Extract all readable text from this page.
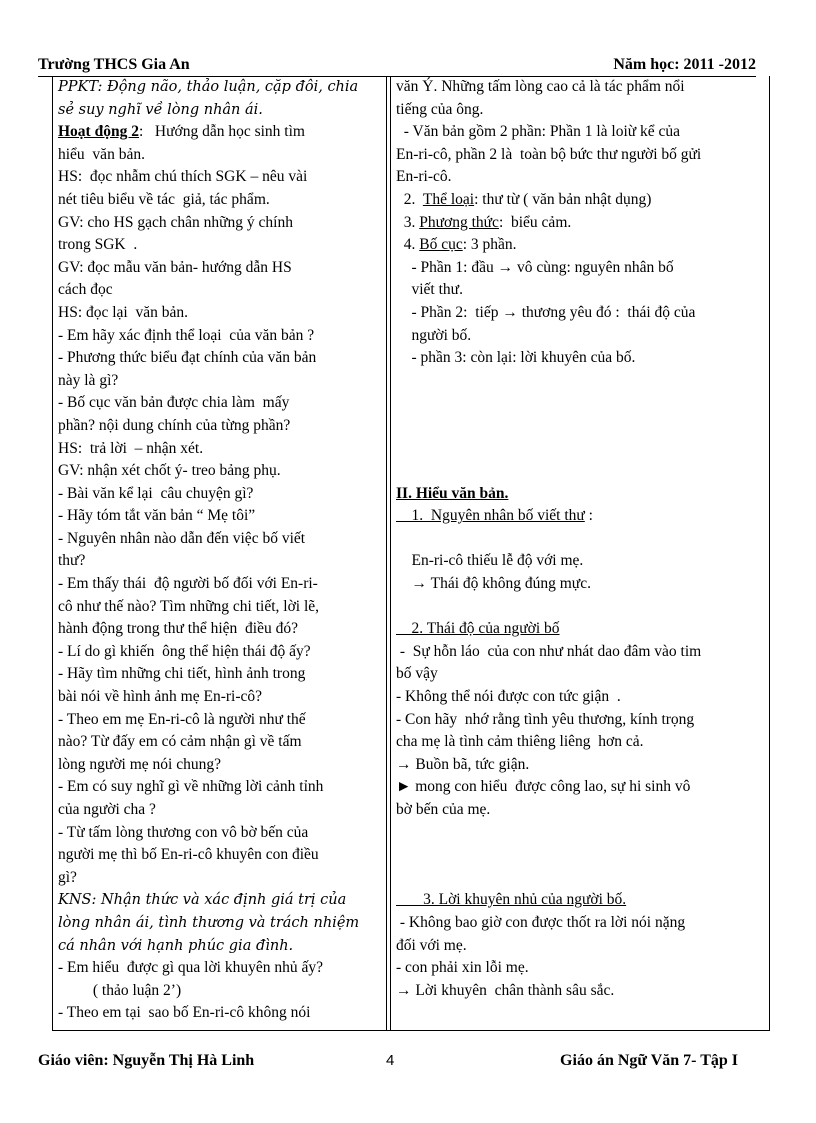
Trường THCS Gia An	Năm học: 2011 -2012
PPKT: Động não, thảo luận, cặp đôi, chia
sẻ suy nghĩ về lòng nhân ái.
Hoạt động 2:   Hướng dẫn học sinh tìm
hiểu  văn bản.
HS:  đọc nhẫm chú thích SGK – nêu vài
nét tiêu biểu về tác  giả, tác phẩm.
GV: cho HS gạch chân những ý chính
trong SGK  .
GV: đọc mẫu văn bản- hướng dẫn HS
cách đọc
HS: đọc lại  văn bản.
- Em hãy xác định thể loại  của văn bản ?
- Phương thức biểu đạt chính của văn bản
này là gì?
- Bố cục văn bản được chia làm  mấy
phần? nội dung chính của từng phần?
HS:  trả lời  – nhận xét.
GV: nhận xét chốt ý- treo bảng phụ.
- Bài văn kể lại  câu chuyện gì?
- Hãy tóm tắt văn bản “ Mẹ tôi”
- Nguyên nhân nào dẫn đến việc bố viết
thư?
- Em thấy thái  độ người bố đối với En-ri-
cô như thế nào? Tìm những chi tiết, lời lẽ,
hành động trong thư thể hiện  điều đó?
- Lí do gì khiến  ông thể hiện thái độ ấy?
- Hãy tìm những chi tiết, hình ảnh trong
bài nói về hình ảnh mẹ En-ri-cô?
- Theo em mẹ En-ri-cô là người như thế
nào? Từ đấy em có cảm nhận gì về tấm
lòng người mẹ nói chung?
- Em có suy nghĩ gì về những lời cảnh tỉnh
của người cha ?
- Từ tấm lòng thương con vô bờ bến của
người mẹ thì bố En-ri-cô khuyên con điều
gì?
KNS: Nhận thức và xác định giá trị của
lòng nhân ái, tình thương và trách nhiệm
cá nhân với hạnh phúc gia đình.
- Em hiểu  được gì qua lời khuyên nhủ ấy?
( thảo luận 2’)
- Theo em tại  sao bố En-ri-cô không nói
văn Ý. Những tấm lòng cao cả là tác phẩm nổi
tiếng của ông.
- Văn bản gồm 2 phần: Phần 1 là loiừ kể của
En-ri-cô, phần 2 là  toàn bộ bức thư người bố gửi
En-ri-cô.
2.  Thể loại: thư từ ( văn bản nhật dụng)
3. Phương thức:  biểu cảm.
4. Bố cục: 3 phần.
- Phần 1: đầu → vô cùng: nguyên nhân bố
viết thư.
- Phần 2:  tiếp → thương yêu đó :  thái độ của
người bố.
- phần 3: còn lại: lời khuyên của bố.
II. Hiểu văn bản.
1.  Nguyên nhân bố viết thư :
En-ri-cô thiếu lễ độ với mẹ.
→ Thái độ không đúng mực.
2. Thái độ của người bố
-  Sự hỗn láo  của con như nhát dao đâm vào tim
bố vậy
- Không thể nói được con tức giận  .
- Con hãy  nhớ rằng tình yêu thương, kính trọng
cha mẹ là tình cảm thiêng liêng  hơn cả.
→ Buồn bã, tức giận.
► mong con hiểu  được công lao, sự hi sinh vô
bờ bến của mẹ.
3. Lời khuyên nhủ của người bố.
- Không bao giờ con được thốt ra lời nói nặng
đối với mẹ.
- con phải xin lỗi mẹ.
→ Lời khuyên  chân thành sâu sắc.
Giáo viên: Nguyễn Thị Hà Linh	4	Giáo án Ngữ Văn 7- Tập I
